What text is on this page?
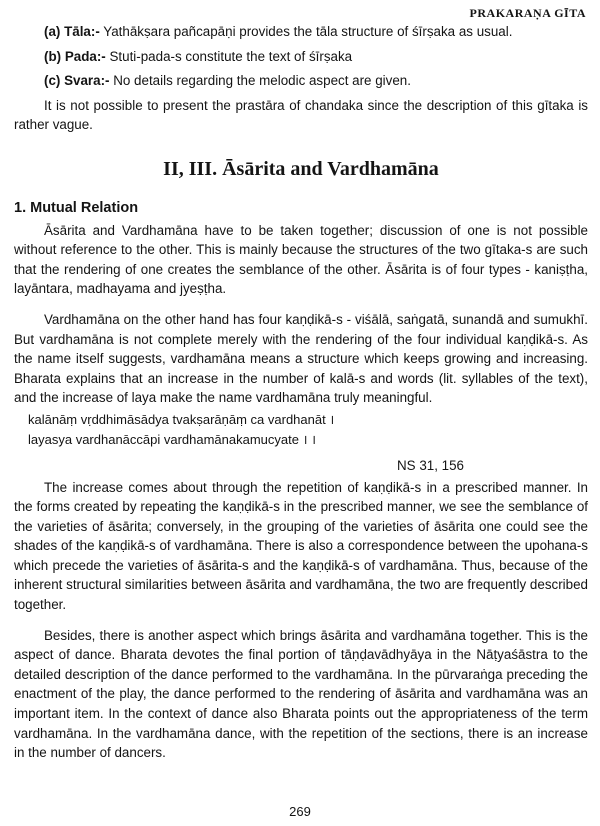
PRAKARAṆA GĪTA
(a) Tāla:- Yathākṣara pañcapāṇi provides the tāla structure of śīrṣaka as usual.
(b) Pada:- Stuti-pada-s constitute the text of śīrṣaka
(c) Svara:- No details regarding the melodic aspect are given.

It is not possible to present the prastāra of chandaka since the description of this gītaka is rather vague.

II, III. Āsārita and Vardhamāna
1. Mutual Relation

Āsārita and Vardhamāna have to be taken together; discussion of one is not possible without reference to the other. This is mainly because the structures of the two gītaka-s are such that the rendering of one creates the semblance of the other. Āsārita is of four types - kaniṣṭha, layāntara, madhayama and jyeṣṭha.

Vardhamāna on the other hand has four kaṇḍikā-s - viśālā, saṅgatā, sunandā and sumukhī. But vardhamāna is not complete merely with the rendering of the four individual kaṇḍikā-s. As the name itself suggests, vardhamāna means a structure which keeps growing and increasing. Bharata explains that an increase in the number of kalā-s and words (lit. syllables of the text), and the increase of laya make the name vardhamāna truly meaningful.

kalānāṃ vṛddhimāsādya tvakṣarāṇāṃ ca vardhanāt ।
layasya vardhanāccāpi vardhamānakamucyate । ।
NS 31, 156

The increase comes about through the repetition of kaṇḍikā-s in a prescribed manner. In the forms created by repeating the kaṇḍikā-s in the prescribed manner, we see the semblance of the varieties of āsārita; conversely, in the grouping of the varieties of āsārita one could see the shades of the kaṇḍikā-s of vardhamāna. There is also a correspondence between the upohana-s which precede the varieties of āsārita-s and the kaṇḍikā-s of vardhamāna. Thus, because of the inherent structural similarities between āsārita and vardhamāna, the two are frequently described together.

Besides, there is another aspect which brings āsārita and vardhamāna together. This is the aspect of dance. Bharata devotes the final portion of tāṇḍavādhyāya in the Nāṭyaśāstra to the detailed description of the dance performed to the vardhamāna. In the pūrvaraṅga preceding the enactment of the play, the dance performed to the rendering of āsārita and vardhamāna was an important item. In the context of dance also Bharata points out the appropriateness of the term vardhamāna. In the vardhamāna dance, with the repetition of the sections, there is an increase in the number of dancers.

269
